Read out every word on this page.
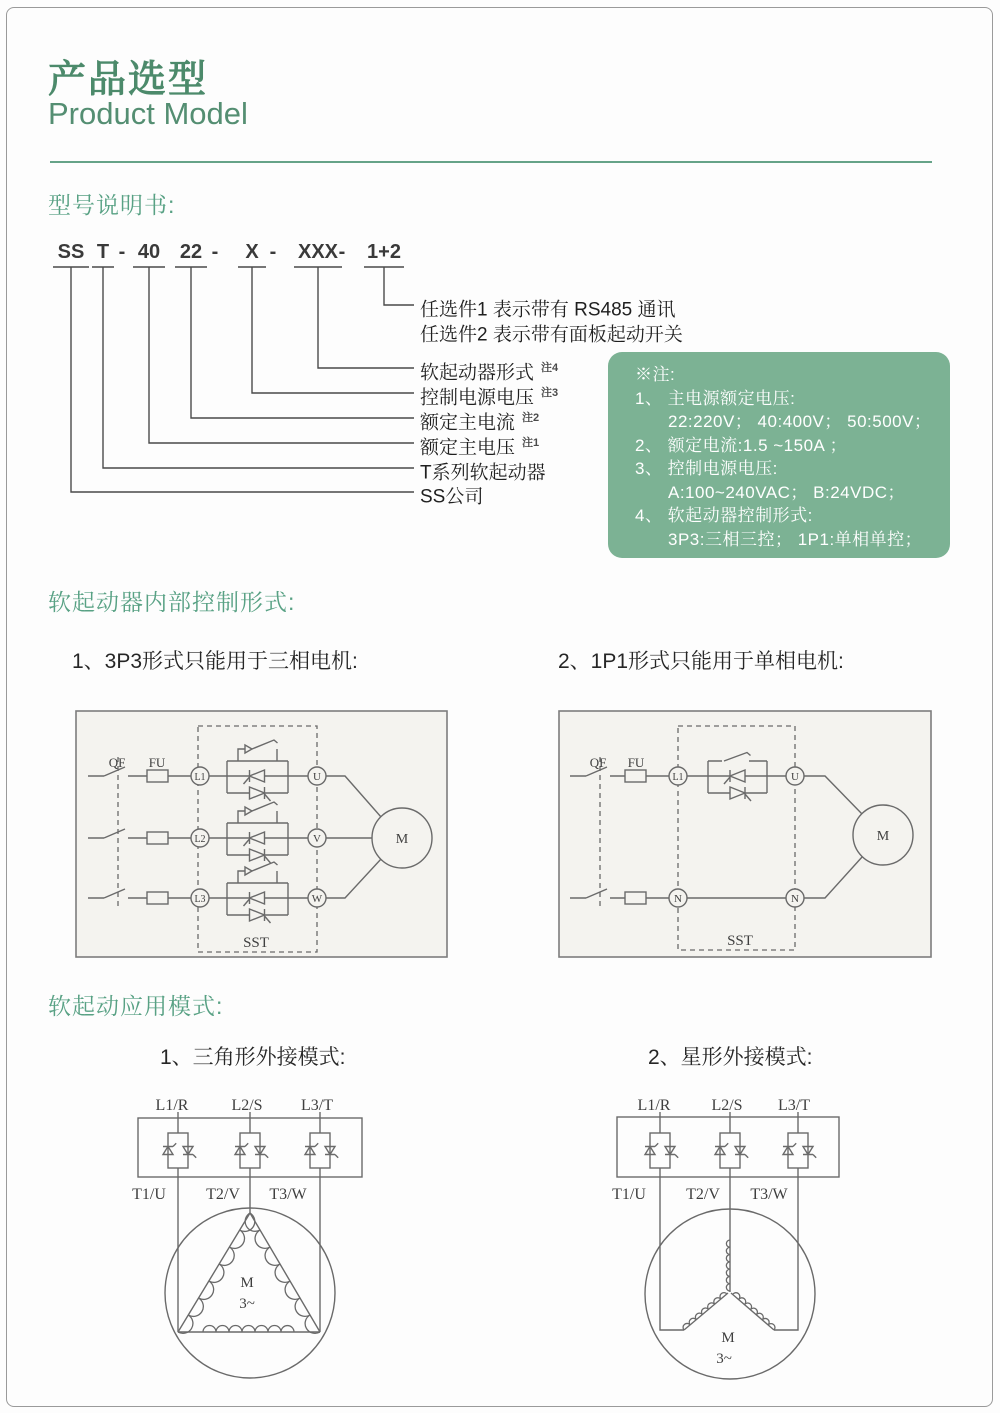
产品选型
Product Model
型号说明书:
SS T - 40 22 -	X - XXX - 1+2
任选件1 表示带有 RS485 通讯
任选件2 表示带有面板起动开关
软起动器形式 $^{注4}$
控制电源电压 $^{注3}$
额定主电流 $^{注2}$
额定主电压 $^{注1}$
T系列软起动器
SS公司
※注:
1、 主电源额定电压:
22:220V； 40:400V； 50:500V；
2、 额定电流:1.5 ~150A ；
3、 控制电源电压:
A:100~240VAC； B:24VDC；
4、 软起动器控制形式:
3P3:三相三控； 1P1:单相单控；
软起动器内部控制形式:
1、3P3形式只能用于三相电机:	2、1P1形式只能用于单相电机:
QF FU
L1
L2
L3
U
V
W
M
SST
QF FU
L1
N
U
N
M
SST
软起动应用模式:
1、三角形外接模式:	2、星形外接模式:
L1/R	L2/S L3/T
T1/U	T2/V T3/W
M
3~
L1/R	L2/S L3/T
T1/U	T2/V T3/W
M
3~
